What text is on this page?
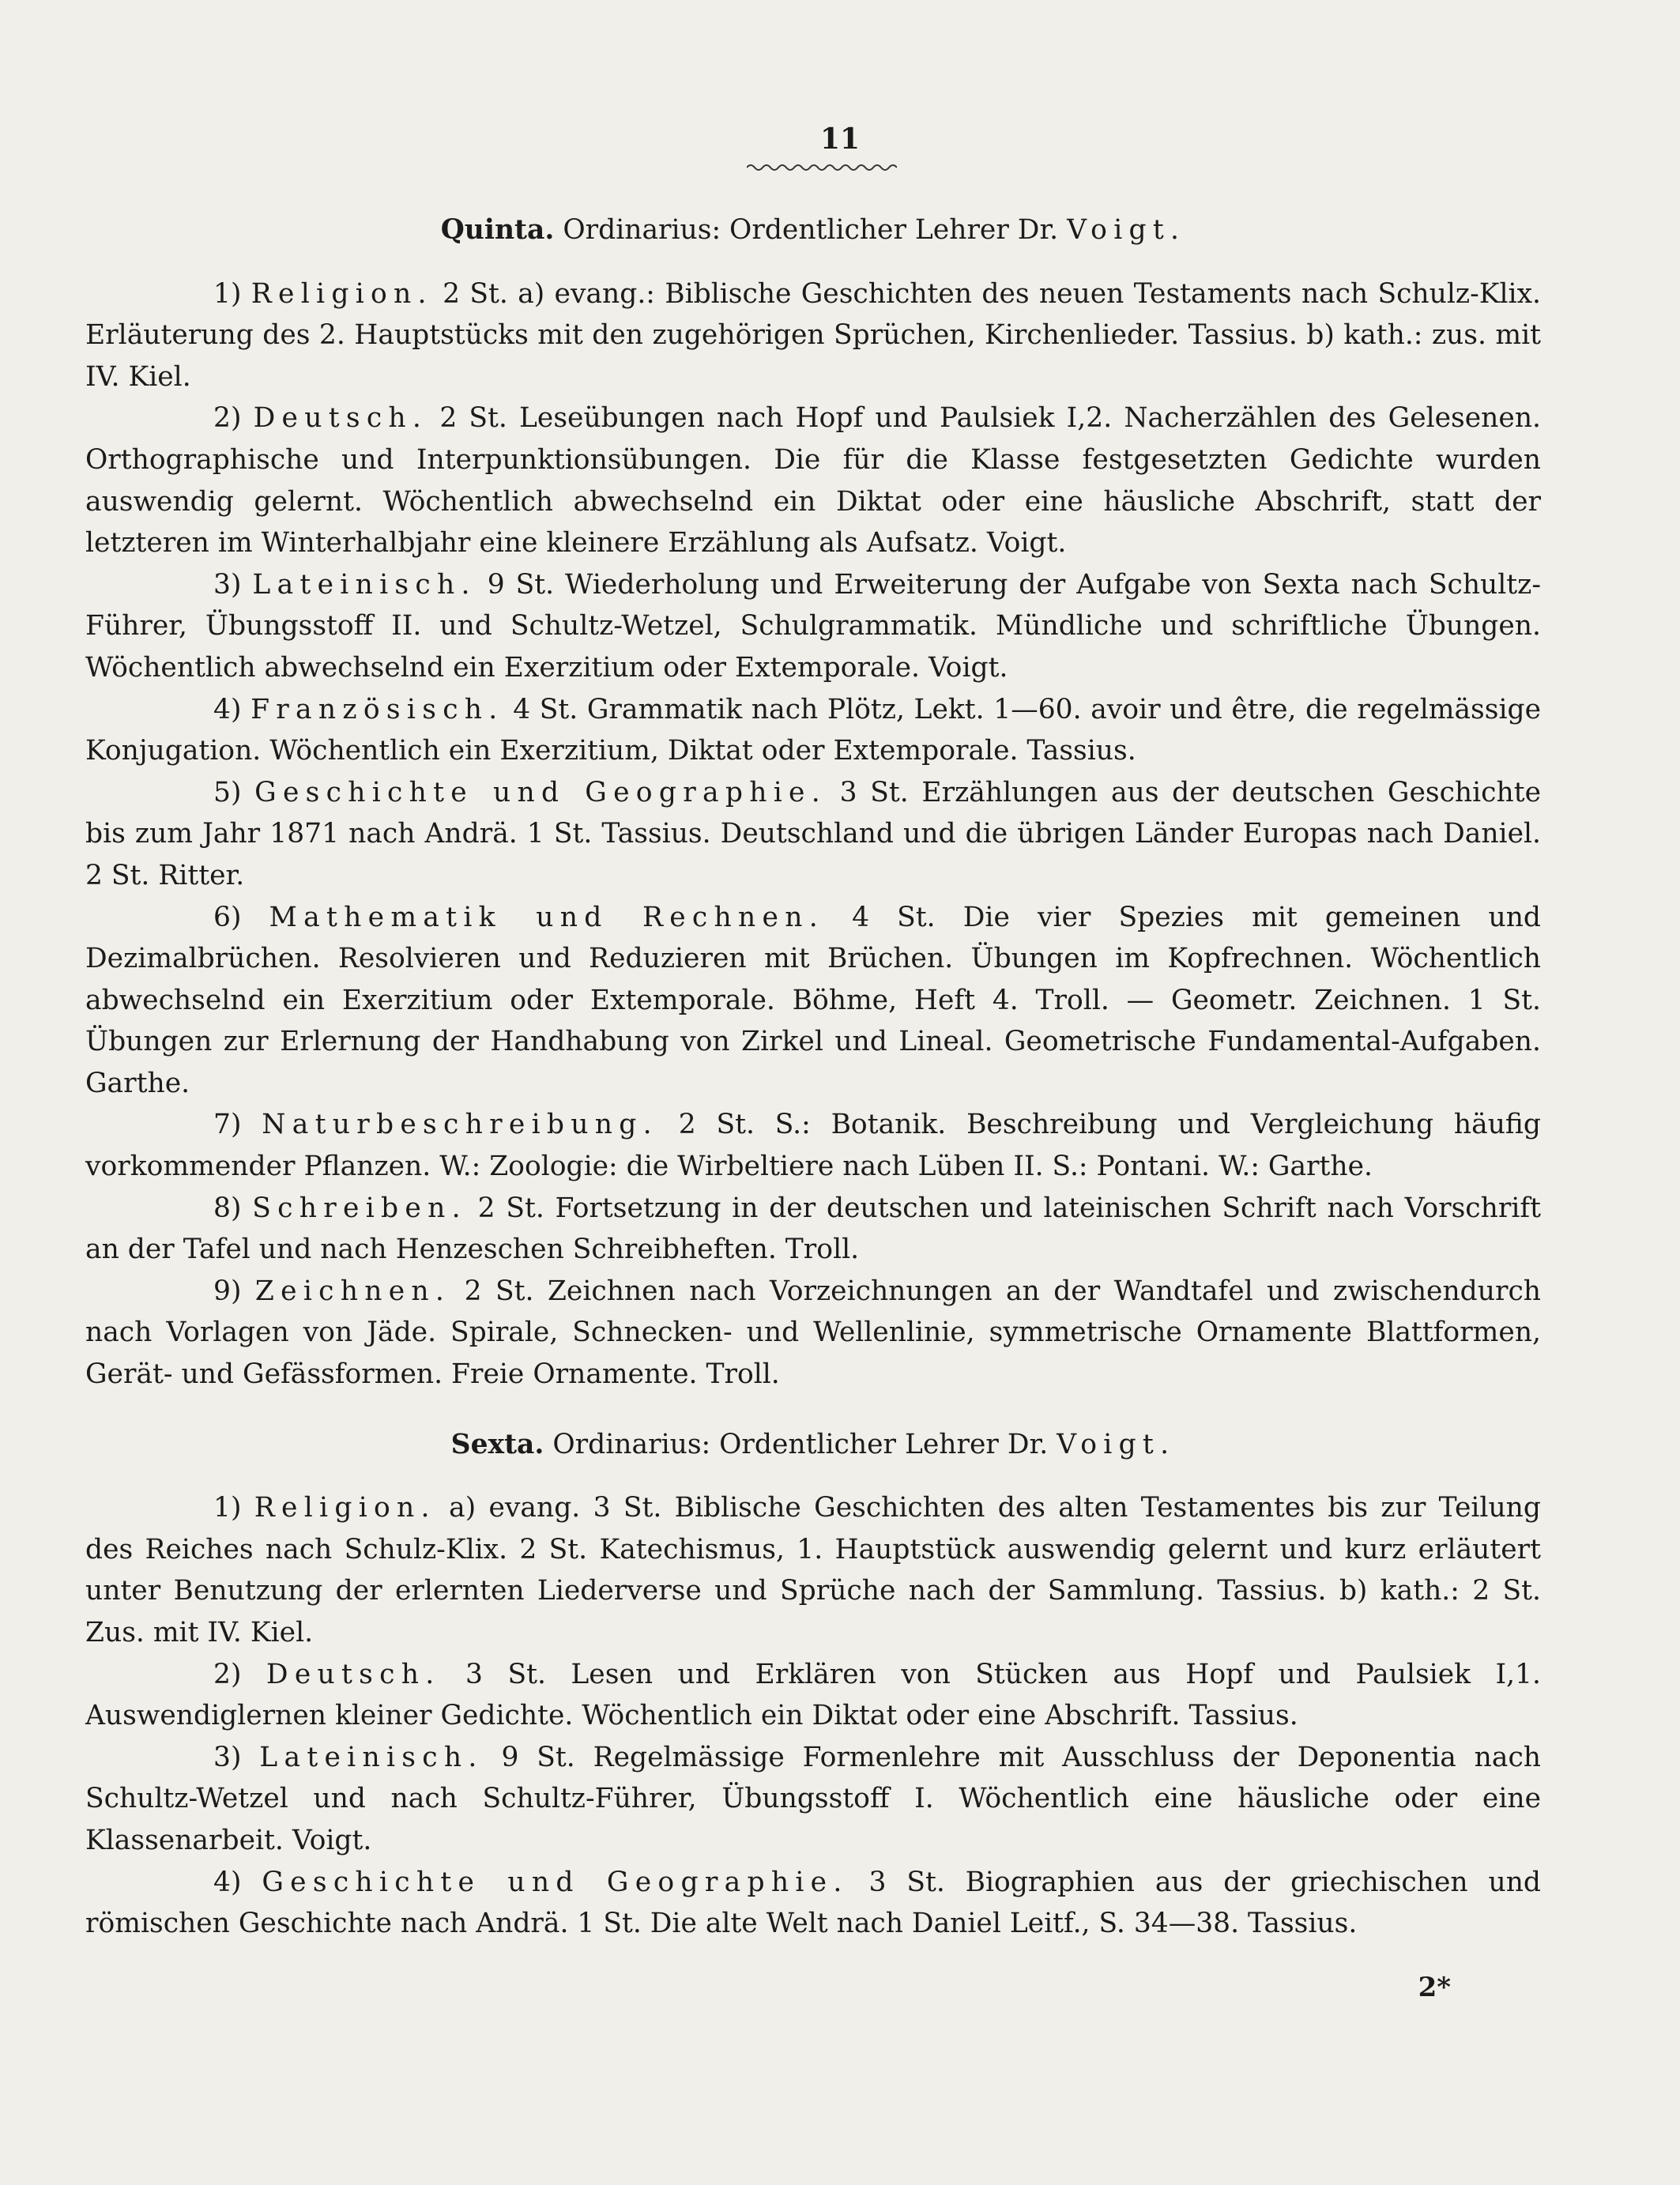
11
Quinta. Ordinarius: Ordentlicher Lehrer Dr. Voigt.

1) Religion. 2 St. a) evang.: Biblische Geschichten des neuen Testaments nach Schulz-Klix. Erläuterung des 2. Hauptstücks mit den zugehörigen Sprüchen, Kirchenlieder. Tassius. b) kath.: zus. mit IV. Kiel.

2) Deutsch. 2 St. Leseübungen nach Hopf und Paulsiek I,2. Nacherzählen des Gelesenen. Orthographische und Interpunktionsübungen. Die für die Klasse festgesetzten Gedichte wurden auswendig gelernt. Wöchentlich abwechselnd ein Diktat oder eine häusliche Abschrift, statt der letzteren im Winterhalbjahr eine kleinere Erzählung als Aufsatz. Voigt.

3) Lateinisch. 9 St. Wiederholung und Erweiterung der Aufgabe von Sexta nach Schultz-Führer, Übungsstoff II. und Schultz-Wetzel, Schulgrammatik. Mündliche und schriftliche Übungen. Wöchentlich abwechselnd ein Exerzitium oder Extemporale. Voigt.

4) Französisch. 4 St. Grammatik nach Plötz, Lekt. 1—60. avoir und être, die regelmässige Konjugation. Wöchentlich ein Exerzitium, Diktat oder Extemporale. Tassius.

5) Geschichte und Geographie. 3 St. Erzählungen aus der deutschen Geschichte bis zum Jahr 1871 nach Andrä. 1 St. Tassius. Deutschland und die übrigen Länder Europas nach Daniel. 2 St. Ritter.

6) Mathematik und Rechnen. 4 St. Die vier Spezies mit gemeinen und Dezimalbrüchen. Resolvieren und Reduzieren mit Brüchen. Übungen im Kopfrechnen. Wöchentlich abwechselnd ein Exerzitium oder Extemporale. Böhme, Heft 4. Troll. — Geometr. Zeichnen. 1 St. Übungen zur Erlernung der Handhabung von Zirkel und Lineal. Geometrische Fundamental-Aufgaben. Garthe.

7) Naturbeschreibung. 2 St. S.: Botanik. Beschreibung und Vergleichung häufig vorkommender Pflanzen. W.: Zoologie: die Wirbeltiere nach Lüben II. S.: Pontani. W.: Garthe.

8) Schreiben. 2 St. Fortsetzung in der deutschen und lateinischen Schrift nach Vorschrift an der Tafel und nach Henzeschen Schreibheften. Troll.

9) Zeichnen. 2 St. Zeichnen nach Vorzeichnungen an der Wandtafel und zwischendurch nach Vorlagen von Jäde. Spirale, Schnecken- und Wellenlinie, symmetrische Ornamente Blattformen, Gerät- und Gefässformen. Freie Ornamente. Troll.

Sexta. Ordinarius: Ordentlicher Lehrer Dr. Voigt.

1) Religion. a) evang. 3 St. Biblische Geschichten des alten Testamentes bis zur Teilung des Reiches nach Schulz-Klix. 2 St. Katechismus, 1. Hauptstück auswendig gelernt und kurz erläutert unter Benutzung der erlernten Liederverse und Sprüche nach der Sammlung. Tassius. b) kath.: 2 St. Zus. mit IV. Kiel.

2) Deutsch. 3 St. Lesen und Erklären von Stücken aus Hopf und Paulsiek I,1. Auswendiglernen kleiner Gedichte. Wöchentlich ein Diktat oder eine Abschrift. Tassius.

3) Lateinisch. 9 St. Regelmässige Formenlehre mit Ausschluss der Deponentia nach Schultz-Wetzel und nach Schultz-Führer, Übungsstoff I. Wöchentlich eine häusliche oder eine Klassenarbeit. Voigt.

4) Geschichte und Geographie. 3 St. Biographien aus der griechischen und römischen Geschichte nach Andrä. 1 St. Die alte Welt nach Daniel Leitf., S. 34—38. Tassius.

2*
